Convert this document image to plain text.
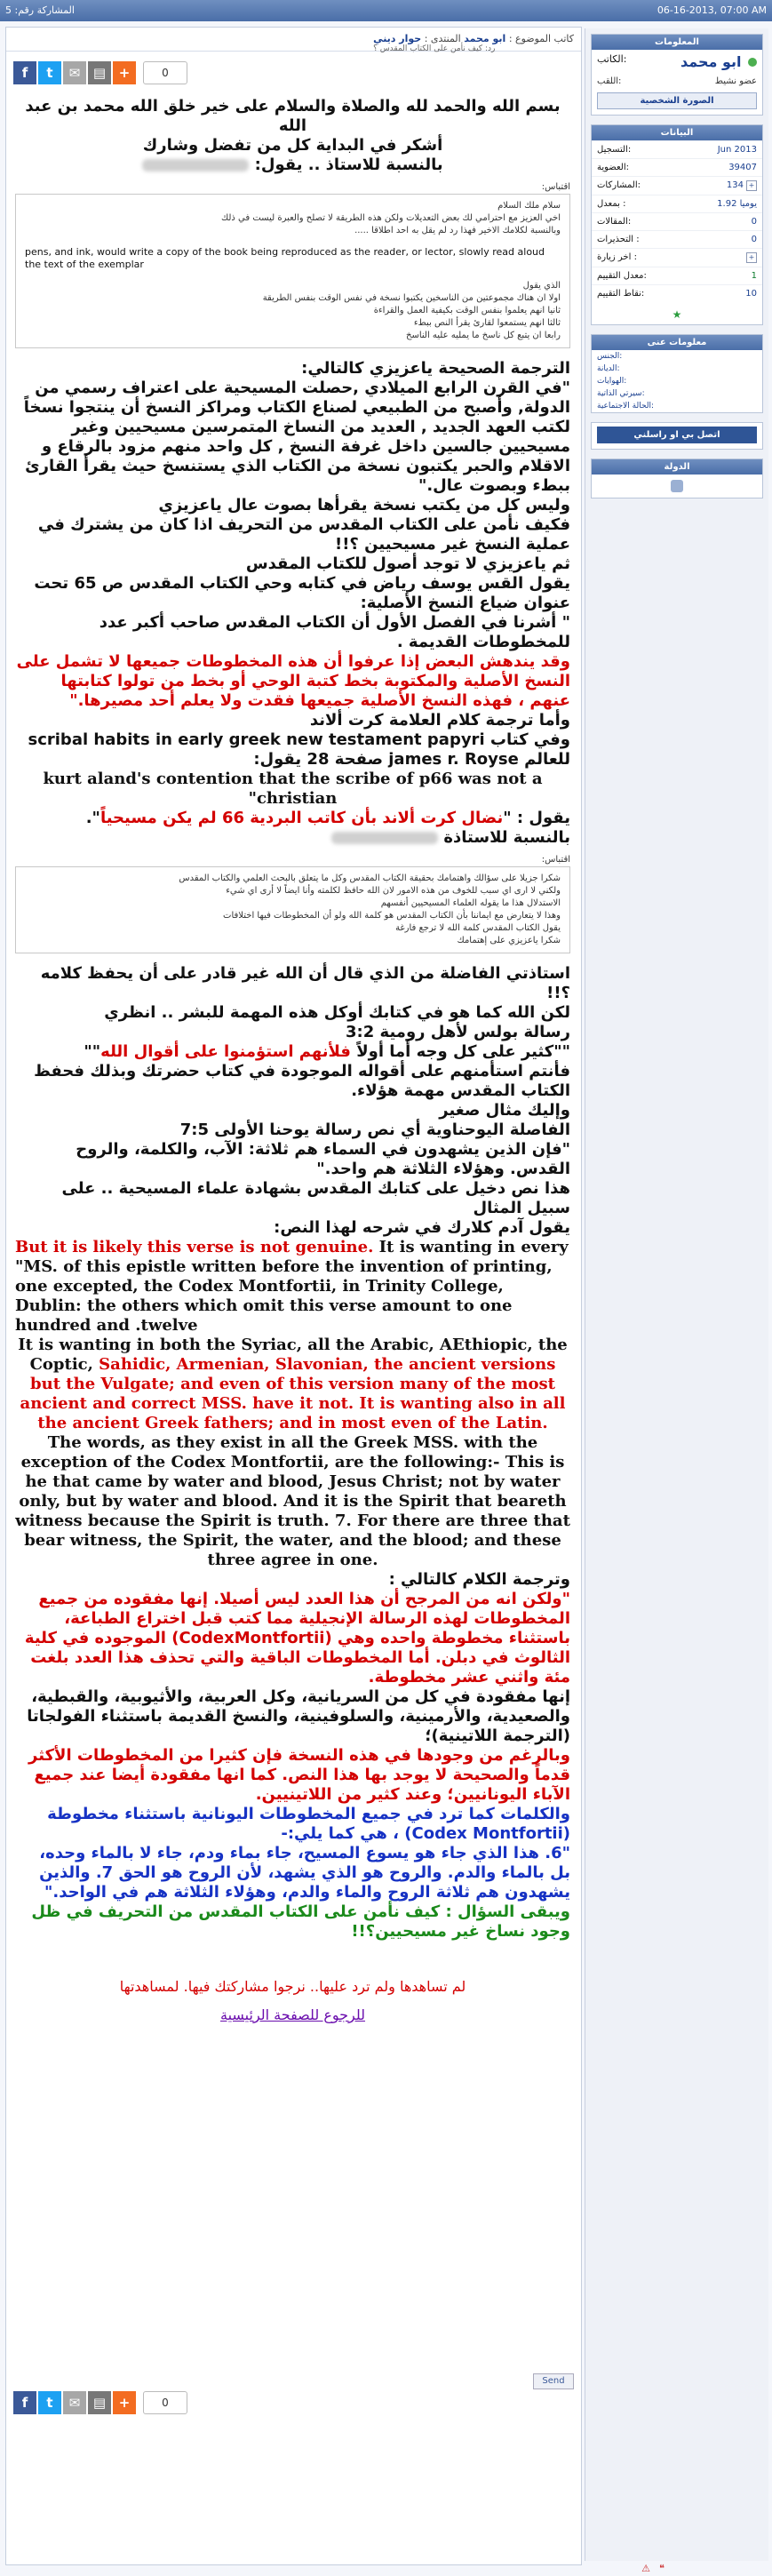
المشاركة رقم: 5	06-16-2013, 07:00 AM
المعلومات
الكاتب:	ابو محمد
اللقب:	عضو نشيط
الصورة الشخصية
البيانات
التسجيل:	Jun 2013
العضوية:	39407
المشاركات:	134 +
بمعدل :	1.92 يوميا
المقالات:	0
التحذيرات :	0
اخر زيارة :	+
معدل التقييم:	1
نقاط التقييم:	10
★
معلومات عنى
الجنس:
الديانة:
الهوايات:
سيرتي الذاتية:
الحالة الاجتماعية:
اتصل بي او راسلني
الدولة
كاتب الموضوع : ابو محمد المنتدى : حوار ديني
رد: كيف نأمن على الكتاب المقدس ؟
f	t	✉ ▤ +	0

بسم الله والحمد لله والصلاة والسلام على خير خلق الله محمد بن عبد الله

أشكر في البداية كل من تفضل وشارك

بالنسبة للاستاذ .. يقول:

اقتباس:
سلام ملك السلام
اخي العزيز مع احترامي لك بعض التعديلات ولكن هذه الطريقة لا تصلح والعبرة ليست في ذلك
وبالنسبة لكلامك الاخير فهذا رد لم يقل به احد اطلاقا .....
pens, and ink, would write a copy of the book being reproduced as the reader, or lector, slowly read aloud the text of the exemplar
الذي يقول
اولا ان هناك مجموعتين من الناسخين يكتبوا نسخة في نفس الوقت بنفس الطريقة
ثانيا انهم يعلموا بنفس الوقت بكيفية العمل والقراءة
ثالثا انهم يستمعوا لقارئ يقرأ النص ببطء
رابعا ان يتبع كل ناسخ ما يمليه عليه الناسخ

الترجمة الصحيحة ياعزيزي كالتالي:

"في القرن الرابع الميلادي ,حصلت المسيحية على اعتراف رسمي من الدولة, وأصبح من الطبيعي لصناع الكتاب ومراكز النسخ أن ينتجوا نسخاً لكتب العهد الجديد , العديد من النساخ المتمرسين مسيحيين وغير مسيحيين جالسين داخل غرفة النسخ , كل واحد منهم مزود بالرقاع و الاقلام والحبر يكتبون نسخة من الكتاب الذي يستنسخ حيث يقرأ القارئ ببطء وبصوت عال."

وليس كل من يكتب نسخة يقرأها بصوت عال ياعزيزي

فكيف نأمن على الكتاب المقدس من التحريف اذا كان من يشترك في عملية النسخ غير مسيحيين ؟!!

ثم ياعزيزي لا توجد أصول للكتاب المقدس

يقول القس يوسف رياض في كتابه وحي الكتاب المقدس ص 65 تحت عنوان ضياع النسخ الأصلية:

" أشرنا في الفصل الأول أن الكتاب المقدس صاحب أكبر عدد للمخطوطات القديمة .

وقد يندهش البعض إذا عرفوا أن هذه المخطوطات جميعها لا تشمل على النسخ الأصلية والمكتوبة بخط كتبة الوحي أو بخط من تولوا كتابتها عنهم ، فهذه النسخ الأصلية جميعها فقدت ولا يعلم أحد مصيرها."

وأما ترجمة كلام العلامة كرت ألاند

وفي كتاب scribal habits in early greek new testament papyri

للعالم james r. Royse صفحة 28 يقول:

kurt aland's contention that the scribe of p66 was not a "christian

يقول : "نضال كرت ألاند بأن كاتب البردية 66 لم يكن مسيحياً".

بالنسبة للاستاذة

اقتباس:
شكرا جزيلا على سؤالك واهتمامك بحقيقة الكتاب المقدس وكل ما يتعلق بالبحث العلمي والكتاب المقدس
ولكني لا ارى اي سبب للخوف من هذه الامور لان الله حافظ لكلمته وأنا ايضاً لا أرى اي شيء
الاستدلال هذا ما يقوله العلماء المسيحيين أنفسهم
وهذا لا يتعارض مع ايماننا بأن الكتاب المقدس هو كلمة الله ولو أن المخطوطات فيها اختلافات
يقول الكتاب المقدس كلمة الله لا ترجع فارغة
شكرا ياعزيزي على إهتمامك

استاذتي الفاضلة من الذي قال أن الله غير قادر على أن يحفظ كلامه ؟!!

لكن الله كما هو في كتابك أوكل هذه المهمة للبشر .. انظري

رسالة بولس لأهل رومية 3:2

""كثير على كل وجه أما أولاً فلأنهم استؤمنوا على أقوال الله""

فأنتم استأمنهم على أقواله الموجودة في كتاب حضرتك وبذلك فحفظ الكتاب المقدس مهمة هؤلاء.

وإليك مثال صغير

الفاصلة اليوحناوية أي نص رسالة يوحنا الأولى 7:5

"فإن الذين يشهدون في السماء هم ثلاثة: الآب، والكلمة، والروح القدس. وهؤلاء الثلاثة هم واحد."

هذا نص دخيل على كتابك المقدس بشهادة علماء المسيحية .. على سبيل المثال

يقول آدم كلارك في شرحه لهذا النص:

But it is likely this verse is not genuine. It is wanting in every "MS. of this epistle written before the invention of printing, one excepted, the Codex Montfortii, in Trinity College, Dublin: the others which omit this verse amount to one hundred and .twelve

It is wanting in both the Syriac, all the Arabic, AEthiopic, the Coptic, Sahidic, Armenian, Slavonian, the ancient versions but the Vulgate; and even of this version many of the most ancient and correct MSS. have it not. It is wanting also in all the ancient Greek fathers; and in most even of the Latin.

The words, as they exist in all the Greek MSS. with the exception of the Codex Montfortii, are the following:- This is he that came by water and blood, Jesus Christ; not by water only, but by water and blood. And it is the Spirit that beareth witness because the Spirit is truth. 7. For there are three that bear witness, the Spirit, the water, and the blood; and these three agree in one.

وترجمة الكلام كالتالي :

"ولكن انه من المرجح أن هذا العدد ليس أصيلا. إنها مفقوده من جميع المخطوطات لهذه الرسالة الإنجيلية مما كتب قبل اختراع الطباعة، باستثناء مخطوطة واحده وهي (CodexMontfortii) الموجوده في كلية الثالوث في دبلن. أما المخطوطات الباقية والتي تحذف هذا العدد بلغت مئة واثني عشر مخطوطة.

إنها مفقودة في كل من السريانية، وكل العربية، والأثيوبية، والقبطية، والصعيدية، والأرمينية، والسلوفينية، والنسخ القديمة باستثناء الفولجاتا (الترجمة اللاتينية)؛

وبالرغم من وجودها في هذه النسخة فإن كثيرا من المخطوطات الأكثر قدماً والصحيحة لا يوجد بها هذا النص. كما انها مفقودة أيضا عند جميع الآباء اليونانيين؛ وعند كثير من اللاتينيين.

والكلمات كما ترد في جميع المخطوطات اليونانية باستثناء مخطوطة (Codex Montfortii) ، هي كما يلي:-

"6. هذا الذي جاء هو يسوع المسيح، جاء بماء ودم، جاء لا بالماء وحده، بل بالماء والدم. والروح هو الذي يشهد، لأن الروح هو الحق 7. والذين يشهدون هم ثلاثة الروح والماء والدم، وهؤلاء الثلاثة هم في الواحد."

ويبقى السؤال : كيف نأمن على الكتاب المقدس من التحريف في ظل وجود نساخ غير مسيحيين؟!!

لم تساهدها ولم ترد عليها.. نرجوا مشاركتك فيها. لمساهدتها
للرجوع للصفحة الرئيسية
Send
f	t	✉ ▤ +	0
⚠ ❝
